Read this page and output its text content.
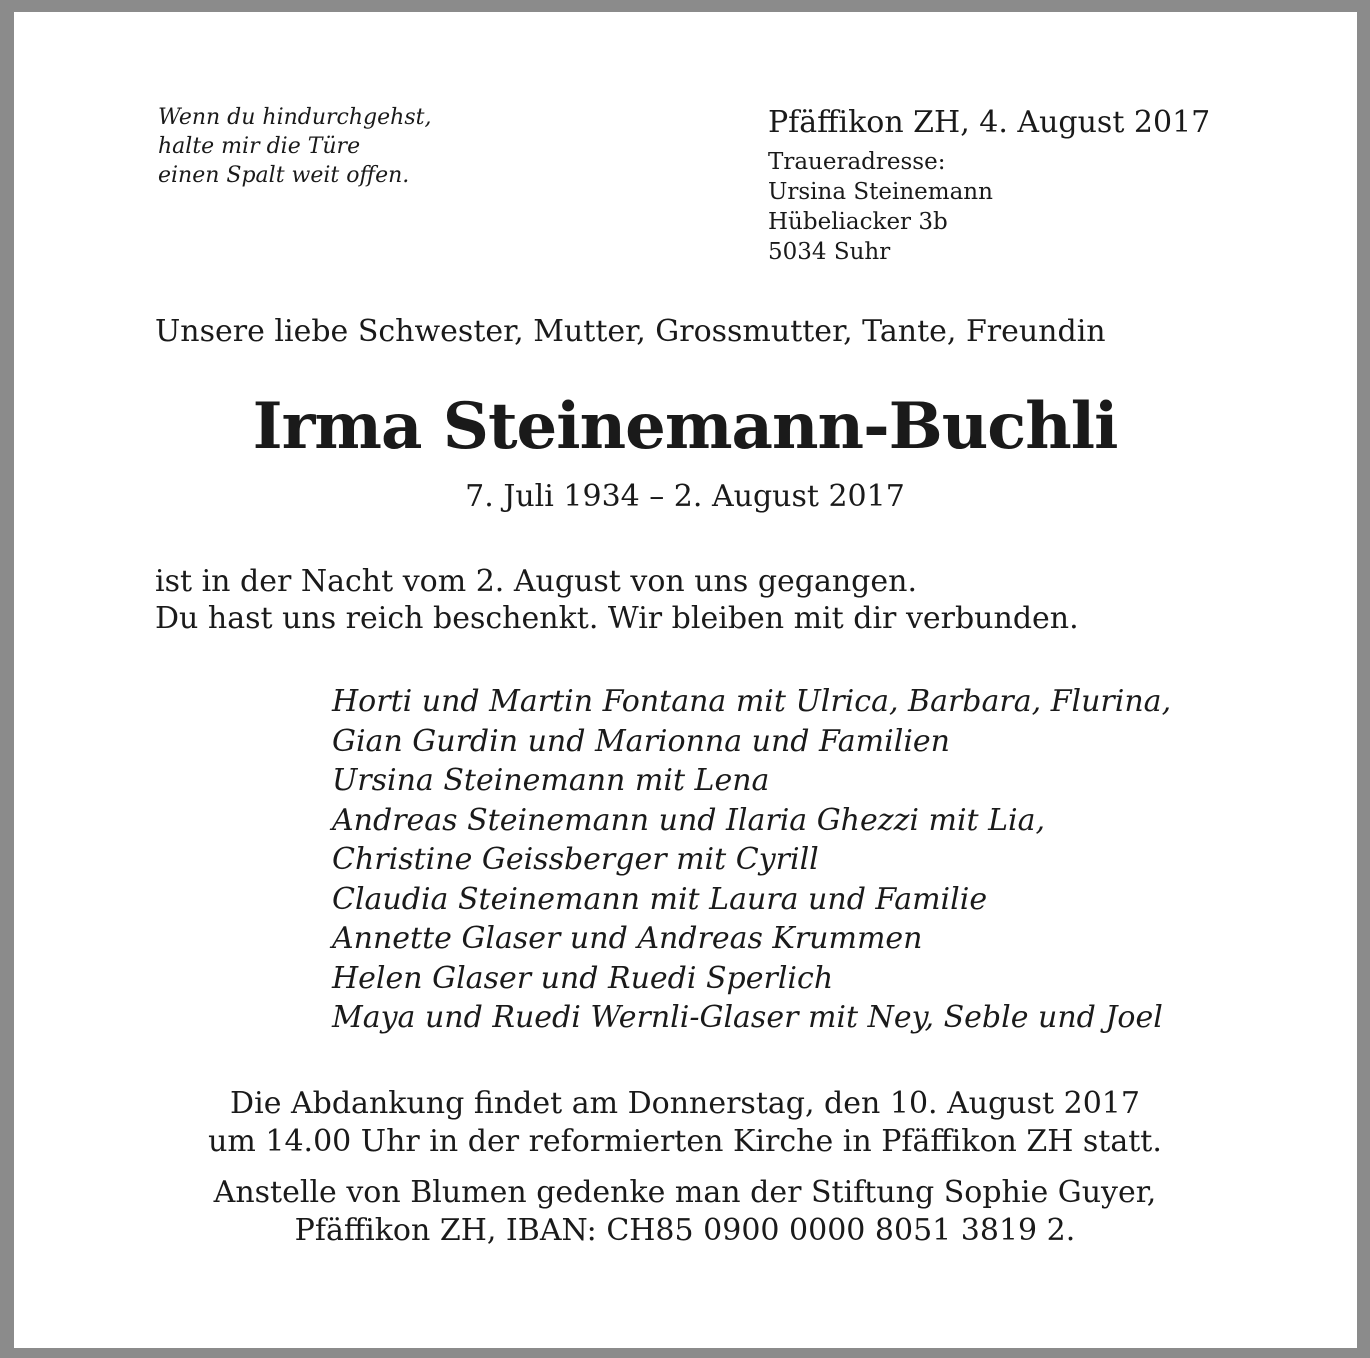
Wenn du hindurchgehst,
halte mir die Türe
einen Spalt weit offen.

Pfäffikon ZH, 4. August 2017

Traueradresse:
Ursina Steinemann
Hübeliacker 3b
5034 Suhr

Unsere liebe Schwester, Mutter, Grossmutter, Tante, Freundin

Irma Steinemann-Buchli

7. Juli 1934 – 2. August 2017

ist in der Nacht vom 2. August von uns gegangen.
Du hast uns reich beschenkt. Wir bleiben mit dir verbunden.

Horti und Martin Fontana mit Ulrica, Barbara, Flurina,
Gian Gurdin und Marionna und Familien
Ursina Steinemann mit Lena
Andreas Steinemann und Ilaria Ghezzi mit Lia,
Christine Geissberger mit Cyrill
Claudia Steinemann mit Laura und Familie
Annette Glaser und Andreas Krummen
Helen Glaser und Ruedi Sperlich
Maya und Ruedi Wernli-Glaser mit Ney, Seble und Joel

Die Abdankung findet am Donnerstag, den 10. August 2017
um 14.00 Uhr in der reformierten Kirche in Pfäffikon ZH statt.

Anstelle von Blumen gedenke man der Stiftung Sophie Guyer,
Pfäffikon ZH, IBAN: CH85 0900 0000 8051 3819 2.
